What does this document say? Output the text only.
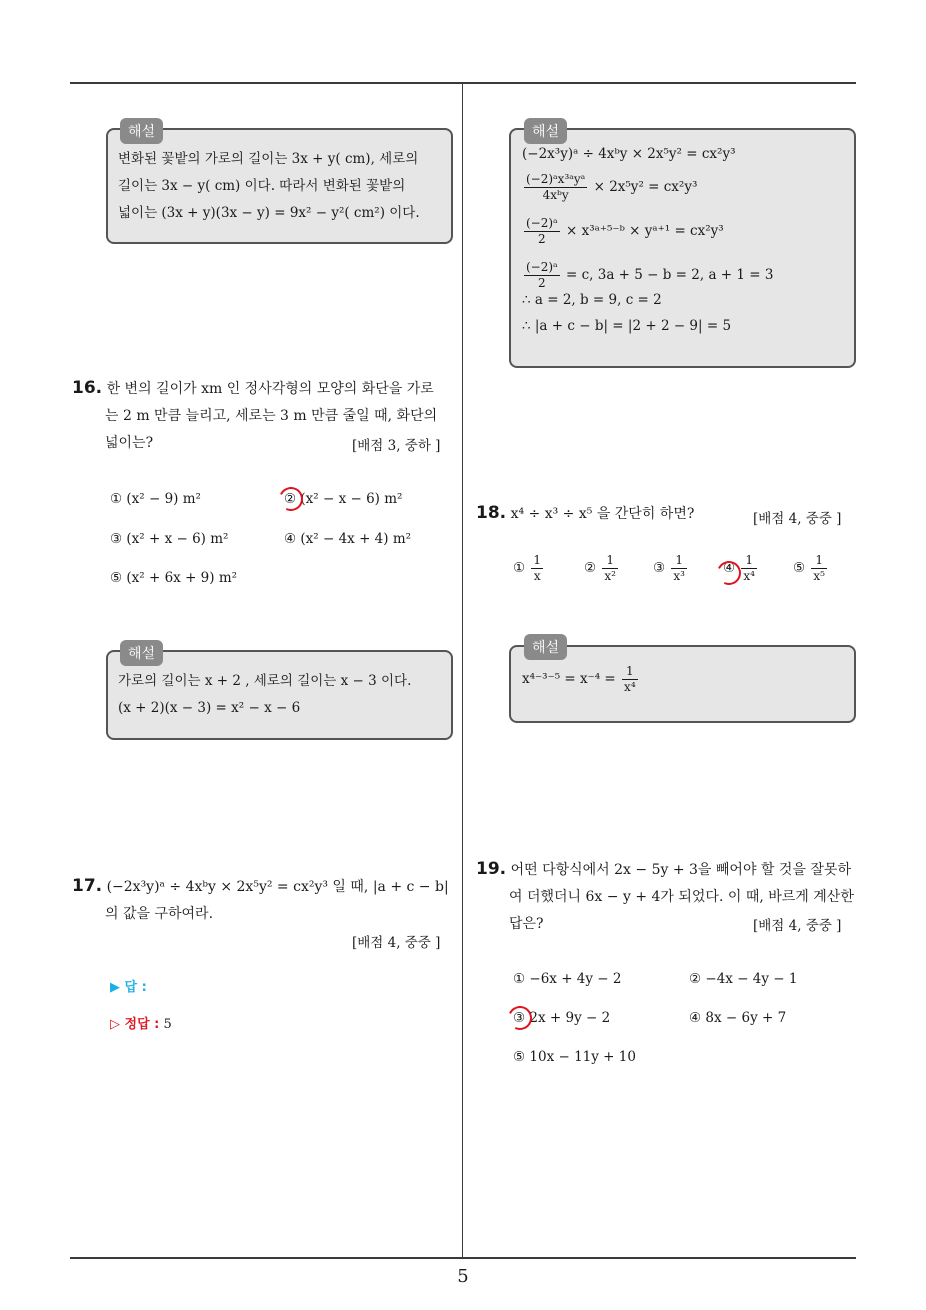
해설
변화된 꽃밭의 가로의 길이는 3x + y( cm), 세로의
길이는 3x − y( cm) 이다. 따라서 변화된 꽃밭의
넓이는 (3x + y)(3x − y) = 9x² − y²( cm²) 이다.
16. 한 변의 길이가 xm 인 정사각형의 모양의 화단을 가로
는 2 m 만큼 늘리고, 세로는 3 m 만큼 줄일 때, 화단의
넓이는?	[배점 3, 중하 ]
① (x² − 9) m²	② (x² − x − 6) m²
③ (x² + x − 6) m²	④ (x² − 4x + 4) m²
⑤ (x² + 6x + 9) m²
해설
가로의 길이는 x + 2 , 세로의 길이는 x − 3 이다.
(x + 2)(x − 3) = x² − x − 6
17. (−2x³y)ᵃ ÷ 4xᵇy × 2x⁵y² = cx²y³ 일 때, |a + c − b|
의 값을 구하여라.
[배점 4, 중중 ]
▶ 답 :
▷ 정답 : 5
해설
(−2x³y)ᵃ ÷ 4xᵇy × 2x⁵y² = cx²y³
$\frac{\text{(−2)ᵃx³ᵃyᵃ}}{\text{4xᵇy}} \times 2x^5y^2 = cx^2y^3$
$\frac{\text{(−2)ᵃ}}{2}$ × x³ᵃ⁺⁵⁻ᵇ × yᵃ⁺¹ = cx²y³
$\frac{\text{(−2)ᵃ}}{2} = c$, 3a + 5 − b = 2, a + 1 = 3
∴ a = 2, b = 9, c = 2
∴ |a + c − b| = |2 + 2 − 9| = 5
18. x⁴ ÷ x³ ÷ x⁵ 을 간단히 하면?	[배점 4, 중중 ]
① $\frac{1}{x}$	② $\frac{1}{\text{x²}}$	③ $\frac{1}{\text{x³}}$	④ $\frac{1}{\text{x⁴}}$	⑤ $\frac{1}{\text{x⁵}}$
해설
$x^{4-3-5} = x^{-4} = \frac{1}{\text{x⁴}}$
19. 어떤 다항식에서 2x − 5y + 3을 빼어야 할 것을 잘못하
여 더했더니 6x − y + 4가 되었다. 이 때, 바르게 계산한
답은?	[배점 4, 중중 ]
① −6x + 4y − 2	② −4x − 4y − 1
③ 2x + 9y − 2	④ 8x − 6y + 7
⑤ 10x − 11y + 10
5
